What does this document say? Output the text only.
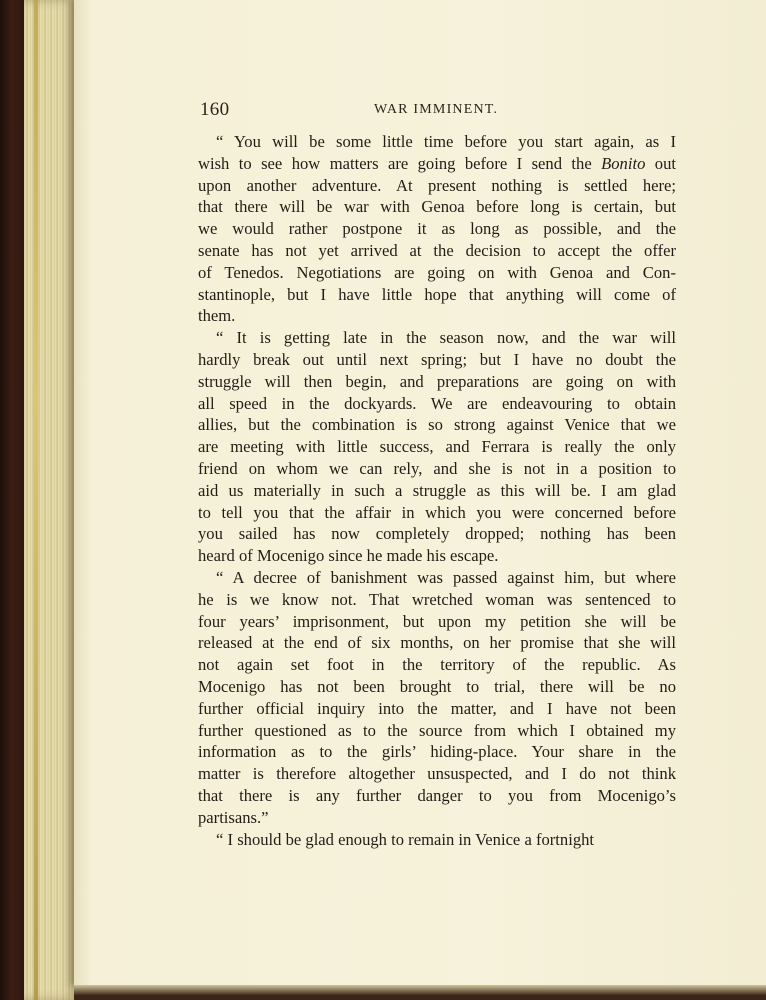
160	WAR IMMINENT.
“ You will be some little time before you start again, as I
wish to see how matters are going before I send the Bonito out
upon another adventure. At present nothing is settled here;
that there will be war with Genoa before long is certain, but
we would rather postpone it as long as possible, and the
senate has not yet arrived at the decision to accept the offer
of Tenedos. Negotiations are going on with Genoa and Con-
stantinople, but I have little hope that anything will come of
them.
“ It is getting late in the season now, and the war will
hardly break out until next spring; but I have no doubt the
struggle will then begin, and preparations are going on with
all speed in the dockyards. We are endeavouring to obtain
allies, but the combination is so strong against Venice that we
are meeting with little success, and Ferrara is really the only
friend on whom we can rely, and she is not in a position to
aid us materially in such a struggle as this will be. I am glad
to tell you that the affair in which you were concerned before
you sailed has now completely dropped; nothing has been
heard of Mocenigo since he made his escape.
“ A decree of banishment was passed against him, but where
he is we know not. That wretched woman was sentenced to
four years’ imprisonment, but upon my petition she will be
released at the end of six months, on her promise that she will
not again set foot in the territory of the republic. As
Mocenigo has not been brought to trial, there will be no
further official inquiry into the matter, and I have not been
further questioned as to the source from which I obtained my
information as to the girls’ hiding-place. Your share in the
matter is therefore altogether unsuspected, and I do not think
that there is any further danger to you from Mocenigo’s
partisans.”
“ I should be glad enough to remain in Venice a fortnight
